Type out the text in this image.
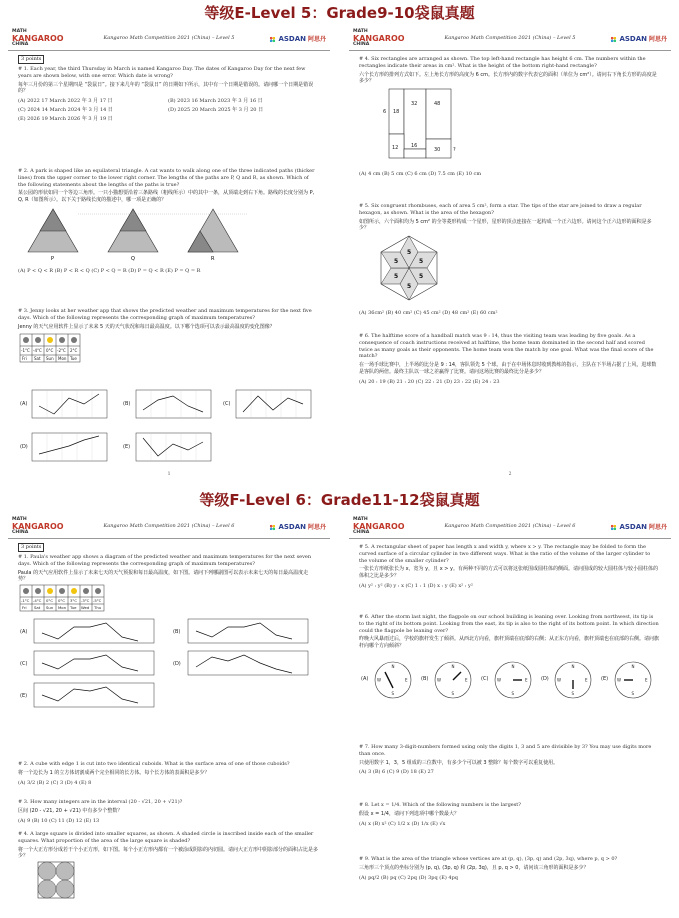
等级E-Level 5：Grade9-10袋鼠真题
等级F-Level 6：Grade11-12袋鼠真题
MATH
KANGAROO
CHINA
Kangaroo Math Competition 2021 (China) – Level 5	ASDAN 阿思丹
3 points
# 1. Each year, the third Thursday in March is named Kangaroo Day. The dates of Kangaroo Day for the next few years are shown below, with one error. Which date is wrong?
每年三月份的第三个星期四是 “袋鼠日”。接下来几年的 “袋鼠日” 的日期如下所示，其中有一个日期是错误的。请问哪一个日期是错误的？
(A) 2022 17 March 2022 年 3 月 17 日	(B) 2023 16 March 2023 年 3 月 16 日
(C) 2024 14 March 2024 年 3 月 14 日	(D) 2025 20 March 2025 年 3 月 20 日
(E) 2026 19 March 2026 年 3 月 19 日
# 2. A park is shaped like an equilateral triangle. A cat wants to walk along one of the three indicated paths (thicker lines) from the upper corner to the lower right corner. The lengths of the paths are P, Q and R, as shown. Which of the following statements about the lengths of the paths is true?
某公园的形状如同一个等边三角形。一只小猫想要沿着三条路线（粗线所示）中的其中一条，从顶端走到右下角。路线的长度分别为 P, Q, R（如图所示）。以下关于路线长度的描述中，哪一项是正确的？
P	Q	R
(A) P < Q < R (B) P < R < Q (C) P < Q = R (D) P = Q < R (E) P = Q = R
# 3. Jenny looks at her weather app that shows the predicted weather and maximum temperatures for the next five days. Which of the following represents the corresponding graph of maximum temperatures?
Jenny 的天气应用软件上显示了未来 5 天的天气状况和每日最高温度。以下哪个选项可以表示最高温度的变化图像？
-1°C -4°C 0°C -2°C 2°C
Fri Sat Sun Mon Tue
(A)	(B)	(C)
(D)	(E)
1
MATH
KANGAROO
CHINA
Kangaroo Math Competition 2021 (China) – Level 5	ASDAN 阿思丹
# 4. Six rectangles are arranged as shown. The top left-hand rectangle has height 6 cm. The numbers within the rectangles indicate their areas in cm². What is the height of the bottom right-hand rectangle?
六个长方形的排列方式如下。左上角长方形的高度为 6 cm。长方形内的数字代表它的面积（单位为 cm²）。请问右下角长方形的高度是多少？
18
32	48
12	16
30
6
?
(A) 4 cm (B) 5 cm (C) 6 cm (D) 7.5 cm (E) 10 cm
# 5. Six congruent rhombuses, each of area 5 cm², form a star. The tips of the star are joined to draw a regular hexagon, as shown. What is the area of the hexagon?
如图所示，六个面积均为 5 cm² 的全等菱形构成一个星形，星形的顶点连接在一起构成一个正六边形。请问这个正六边形的面积是多少？
5
5
5
5
5
5
(A) 36cm² (B) 40 cm² (C) 45 cm² (D) 48 cm² (E) 60 cm²
# 6. The halftime score of a handball match was 9 : 14, thus the visiting team was leading by five goals. As a consequence of coach instructions received at halftime, the home team dominated in the second half and scored twice as many goals as their opponents. The home team won the match by one goal. What was the final score of the match?
在一场手球比赛中，上半场的比分是 9 : 14，客队领先 5 个球。由于在中场休息时收到教练的指示，主队在下半场占据了上风，进球数是客队的两倍。最终主队以一球之差赢得了比赛。请问这场比赛的最终比分是多少？
(A) 20 : 19 (B) 21 : 20 (C) 22 : 21 (D) 23 : 22 (E) 24 : 23
2
MATH
KANGAROO
CHINA
Kangaroo Math Competition 2021 (China) – Level 6	ASDAN 阿思丹
3 points
# 1. Paula's weather app shows a diagram of the predicted weather and maximum temperatures for the next seven days. Which of the following represents the corresponding graph of maximum temperatures?
Paula 的天气应用软件上显示了未来七天的天气预报和每日最高温度，如下图。请问下列哪副图可以表示未来七天的每日最高温度走势？
-1°C -4°C 0°C 0°C 3°C -3°C -5°C
Fri Sat Sun Mon Tue Wed Thu
(A)	(B)
(C)	(D)
(E)
# 2. A cube with edge 1 is cut into two identical cuboids. What is the surface area of one of those cuboids?
将一个边长为 1 的立方体切割成两个完全相同的长方体。每个长方体的表面积是多少？
(A) 3/2 (B) 2 (C) 3 (D) 4 (E) 8
# 3. How many integers are in the interval (20 - √21, 20 + √21)?
区间 (20 - √21, 20 + √21) 中有多少个整数？
(A) 9 (B) 10 (C) 11 (D) 12 (E) 13
# 4. A large square is divided into smaller squares, as shown. A shaded circle is inscribed inside each of the smaller squares. What proportion of the area of the large square is shaded?
将一个大正方形分成若干个小正方形，如下图。每个小正方形内都有一个被涂成阴影的内切圆。请问大正方形中阴影部分的面积占比是多少？
MATH
KANGAROO
CHINA
Kangaroo Math Competition 2021 (China) – Level 6	ASDAN 阿思丹
# 5. A rectangular sheet of paper has length x and width y, where x > y. The rectangle may be folded to form the curved surface of a circular cylinder in two different ways. What is the ratio of the volume of the larger cylinder to the volume of the smaller cylinder?
一张长方形纸张长为 x，宽为 y，且 x > y。有两种不同的方式可以将这张纸围成圆柱体的侧面。请问围成的较大圆柱体与较小圆柱体的体积之比是多少？
(A) y² : y² (B) y : x (C) 1 : 1 (D) x : y (E) x² : y²
# 6. After the storm last night, the flagpole on our school building is leaning over. Looking from northwest, its tip is to the right of its bottom point. Looking from the east, its tip is also to the right of its bottom point. In which direction could the flagpole be leaning over?
昨晚大风暴雨过后，学校的旗杆发生了倾斜。从西北方向看，旗杆顶端在底部的右侧；从正东方向看，旗杆顶端也在底部的右侧。请问旗杆向哪个方向倾斜？
(A)	(B)	(C)	(D)	(E)
N
E
S
W
N
E
S
W
N
E
S
W
N
E
S
W
N
E
S
W
# 7. How many 3-digit-numbers formed using only the digits 1, 3 and 5 are divisible by 3? You may use digits more than once.
只使用数字 1，3，5 组成的三位数中，有多少个可以被 3 整除？每个数字可以重复使用。
(A) 3 (B) 6 (C) 9 (D) 18 (E) 27
# 8. Let x = 1/4. Which of the following numbers is the largest?
假设 x = 1/4，请问下列选项中哪个数最大？
(A) x (B) x² (C) 1/2 x (D) 1/x (E) √x
# 9. What is the area of the triangle whose vertices are at (p, q), (3p, q) and (2p, 3q), where p, q > 0?
三角形三个顶点的坐标分别为 (p, q), (3p, q) 和 (2p, 3q)，且 p, q > 0，请问该三角形的面积是多少？
(A) pq/2 (B) pq (C) 2pq (D) 3pq (E) 4pq
